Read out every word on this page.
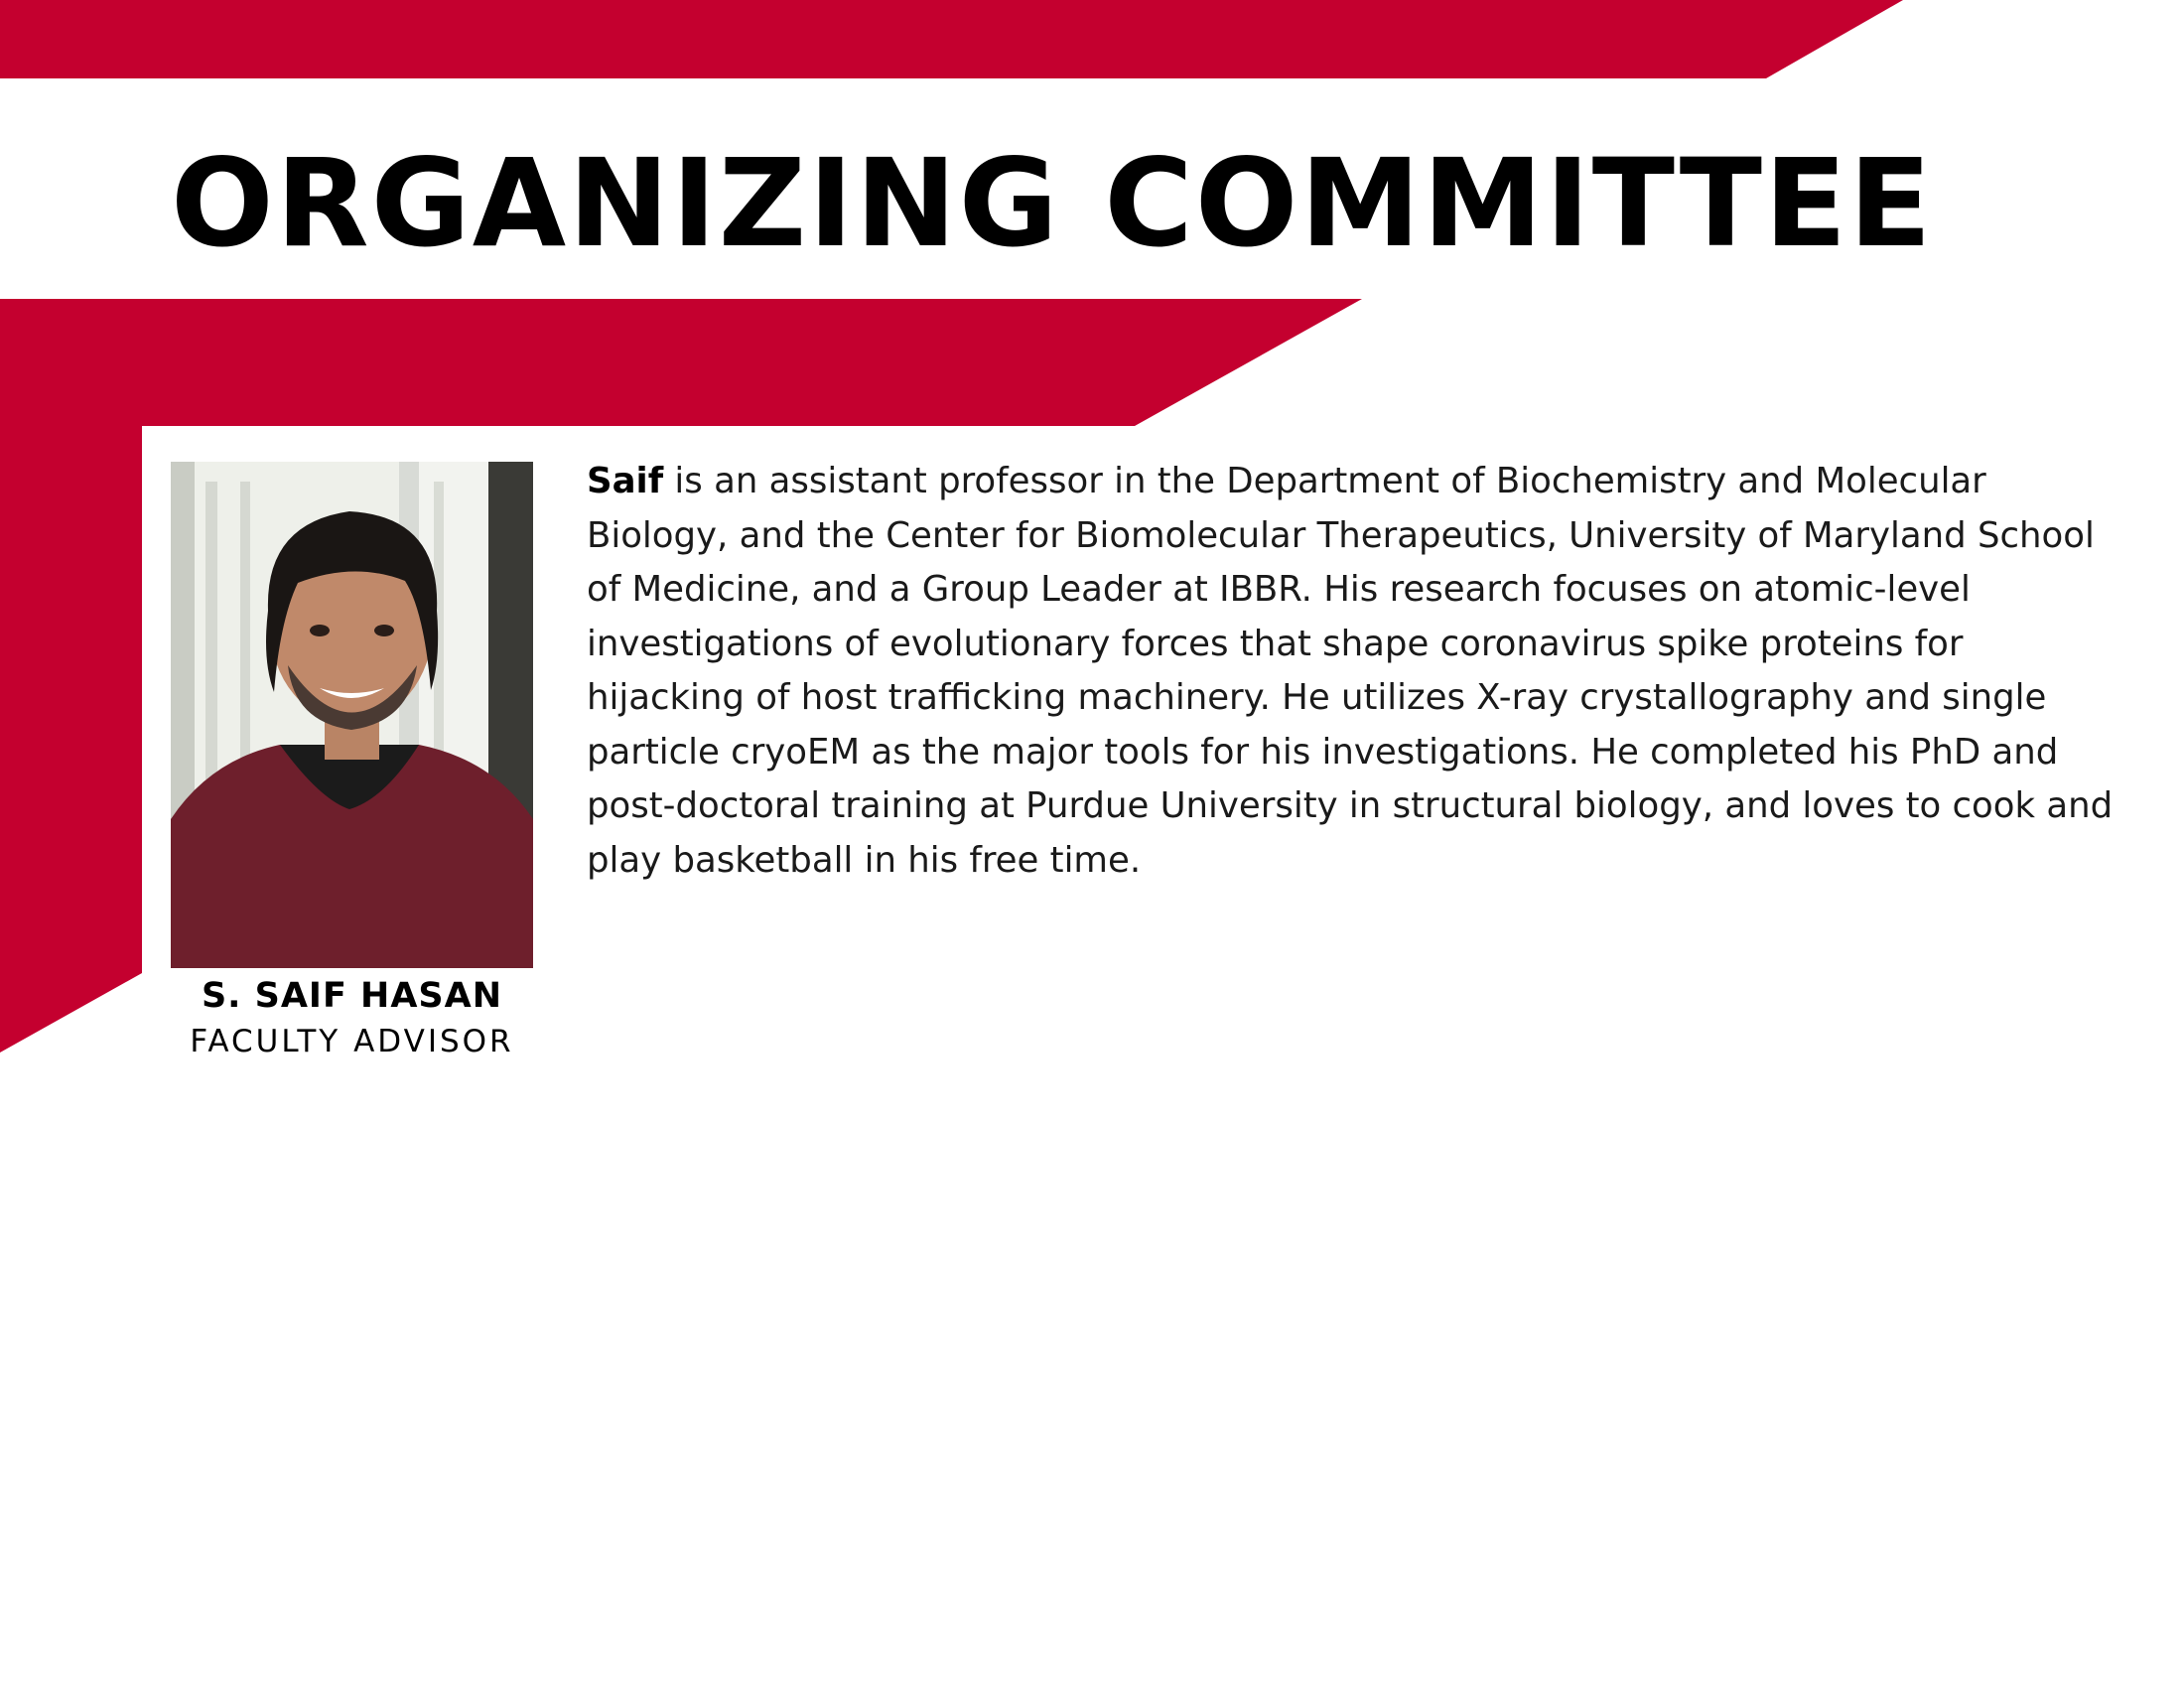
ORGANIZING COMMITTEE
S. SAIF HASAN
FACULTY ADVISOR

Saif is an assistant professor in the Department of Biochemistry and Molecular Biology, and the Center for Biomolecular Therapeutics, University of Maryland School of Medicine, and a Group Leader at IBBR. His research focuses on atomic-level investigations of evolutionary forces that shape coronavirus spike proteins for hijacking of host trafficking machinery. He utilizes X-ray crystallography and single particle cryoEM as the major tools for his investigations. He completed his PhD and post-doctoral training at Purdue University in structural biology, and loves to cook and play basketball in his free time.
